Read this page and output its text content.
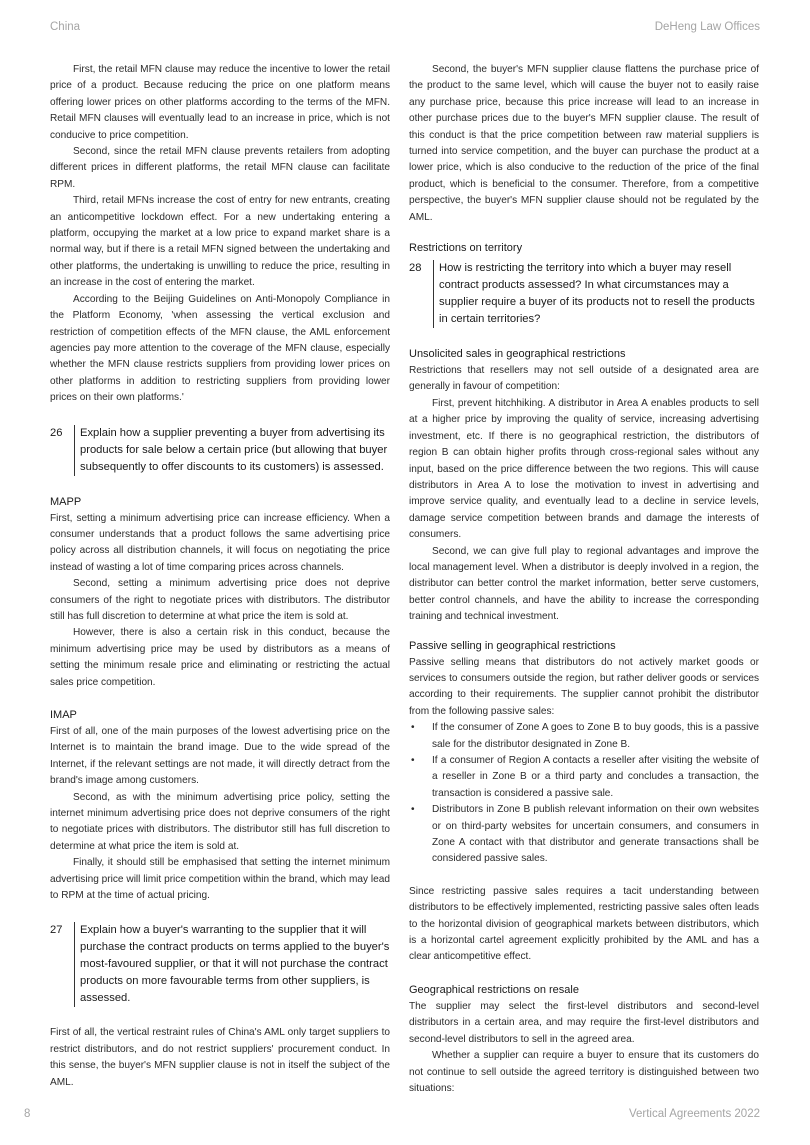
China	DeHeng Law Offices

First, the retail MFN clause may reduce the incentive to lower the retail price of a product. Because reducing the price on one platform means offering lower prices on other platforms according to the terms of the MFN. Retail MFN clauses will eventually lead to an increase in price, which is not conducive to price competition.

Second, since the retail MFN clause prevents retailers from adopting different prices in different platforms, the retail MFN clause can facilitate RPM.

Third, retail MFNs increase the cost of entry for new entrants, creating an anticompetitive lockdown effect. For a new undertaking entering a platform, occupying the market at a low price to expand market share is a normal way, but if there is a retail MFN signed between the undertaking and other platforms, the undertaking is unwilling to reduce the price, resulting in an increase in the cost of entering the market.

According to the Beijing Guidelines on Anti-Monopoly Compliance in the Platform Economy, 'when assessing the vertical exclusion and restriction of competition effects of the MFN clause, the AML enforcement agencies pay more attention to the coverage of the MFN clause, especially whether the MFN clause restricts suppliers from providing lower prices on other platforms in addition to restricting suppliers from providing lower prices on their own platforms.'

26	Explain how a supplier preventing a buyer from advertising its products for sale below a certain price (but allowing that buyer subsequently to offer discounts to its customers) is assessed.
MAPP

First, setting a minimum advertising price can increase efficiency. When a consumer understands that a product follows the same advertising price policy across all distribution channels, it will focus on negotiating the price instead of wasting a lot of time comparing prices across channels.

Second, setting a minimum advertising price does not deprive consumers of the right to negotiate prices with distributors. The distributor still has full discretion to determine at what price the item is sold at.

However, there is also a certain risk in this conduct, because the minimum advertising price may be used by distributors as a means of setting the minimum resale price and eliminating or restricting the actual sales price competition.

IMAP

First of all, one of the main purposes of the lowest advertising price on the Internet is to maintain the brand image. Due to the wide spread of the Internet, if the relevant settings are not made, it will directly detract from the brand's image among customers.

Second, as with the minimum advertising price policy, setting the internet minimum advertising price does not deprive consumers of the right to negotiate prices with distributors. The distributor still has full discretion to determine at what price the item is sold at.

Finally, it should still be emphasised that setting the internet minimum advertising price will limit price competition within the brand, which may lead to RPM at the time of actual pricing.

27	Explain how a buyer's warranting to the supplier that it will purchase the contract products on terms applied to the buyer's most-favoured supplier, or that it will not purchase the contract products on more favourable terms from other suppliers, is assessed.

First of all, the vertical restraint rules of China's AML only target suppliers to restrict distributors, and do not restrict suppliers' procurement conduct. In this sense, the buyer's MFN supplier clause is not in itself the subject of the AML.

Second, the buyer's MFN supplier clause flattens the purchase price of the product to the same level, which will cause the buyer not to easily raise any purchase price, because this price increase will lead to an increase in other purchase prices due to the buyer's MFN supplier clause. The result of this conduct is that the price competition between raw material suppliers is turned into service competition, and the buyer can purchase the product at a lower price, which is also conducive to the reduction of the price of the final product, which is beneficial to the consumer. Therefore, from a competitive perspective, the buyer's MFN supplier clause should not be regulated by the AML.

Restrictions on territory
28	How is restricting the territory into which a buyer may resell contract products assessed? In what circumstances may a supplier require a buyer of its products not to resell the products in certain territories?
Unsolicited sales in geographical restrictions

Restrictions that resellers may not sell outside of a designated area are generally in favour of competition:

First, prevent hitchhiking. A distributor in Area A enables products to sell at a higher price by improving the quality of service, increasing advertising investment, etc. If there is no geographical restriction, the distributors of region B can obtain higher profits through cross-regional sales without any input, based on the price difference between the two regions. This will cause distributors in Area A to lose the motivation to invest in advertising and improve service quality, and eventually lead to a decline in service levels, damage service competition between brands and damage the interests of consumers.

Second, we can give full play to regional advantages and improve the local management level. When a distributor is deeply involved in a region, the distributor can better control the market information, better serve customers, better control channels, and have the ability to increase the corresponding training and technical investment.

Passive selling in geographical restrictions

Passive selling means that distributors do not actively market goods or services to consumers outside the region, but rather deliver goods or services according to their requirements. The supplier cannot prohibit the distributor from the following passive sales:

• If the consumer of Zone A goes to Zone B to buy goods, this is a passive sale for the distributor designated in Zone B.
• If a consumer of Region A contacts a reseller after visiting the website of a reseller in Zone B or a third party and concludes a transaction, the transaction is considered a passive sale.
• Distributors in Zone B publish relevant information on their own websites or on third-party websites for uncertain consumers, and consumers in Zone A contact with that distributor and generate transactions shall be considered passive sales.

Since restricting passive sales requires a tacit understanding between distributors to be effectively implemented, restricting passive sales often leads to the horizontal division of geographical markets between distributors, which is a horizontal cartel agreement explicitly prohibited by the AML and has a clear anticompetitive effect.

Geographical restrictions on resale

The supplier may select the first-level distributors and second-level distributors in a certain area, and may require the first-level distributors and second-level distributors to sell in the agreed area.

Whether a supplier can require a buyer to ensure that its customers do not continue to sell outside the agreed territory is distinguished between two situations:

8	Vertical Agreements 2022
